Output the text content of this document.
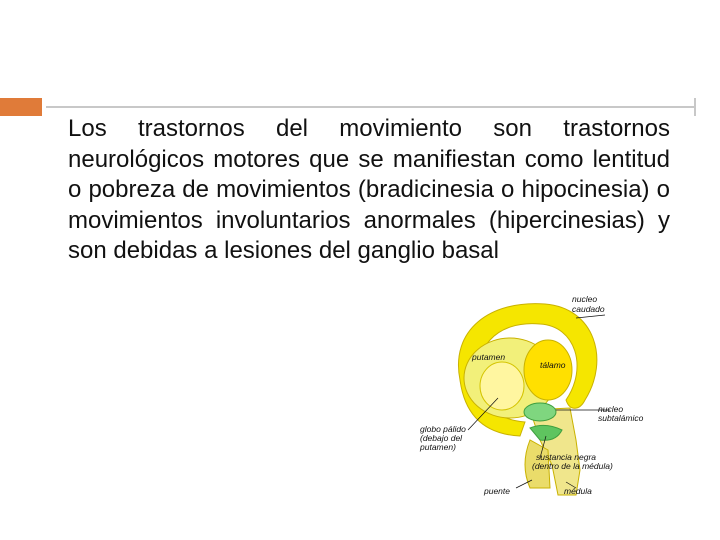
Los trastornos del movimiento son trastornos neurológicos motores que se manifiestan como lentitud o pobreza de movimientos (bradicinesia o hipocinesia) o movimientos involuntarios anormales (hipercinesias) y son debidas a lesiones del ganglio basal

nucleo
caudado
putamen
tálamo
nucleo
subtalámico
globo pálido
(debajo del
putamen)
sustancia negra
(dentro de la médula)
puente	médula
